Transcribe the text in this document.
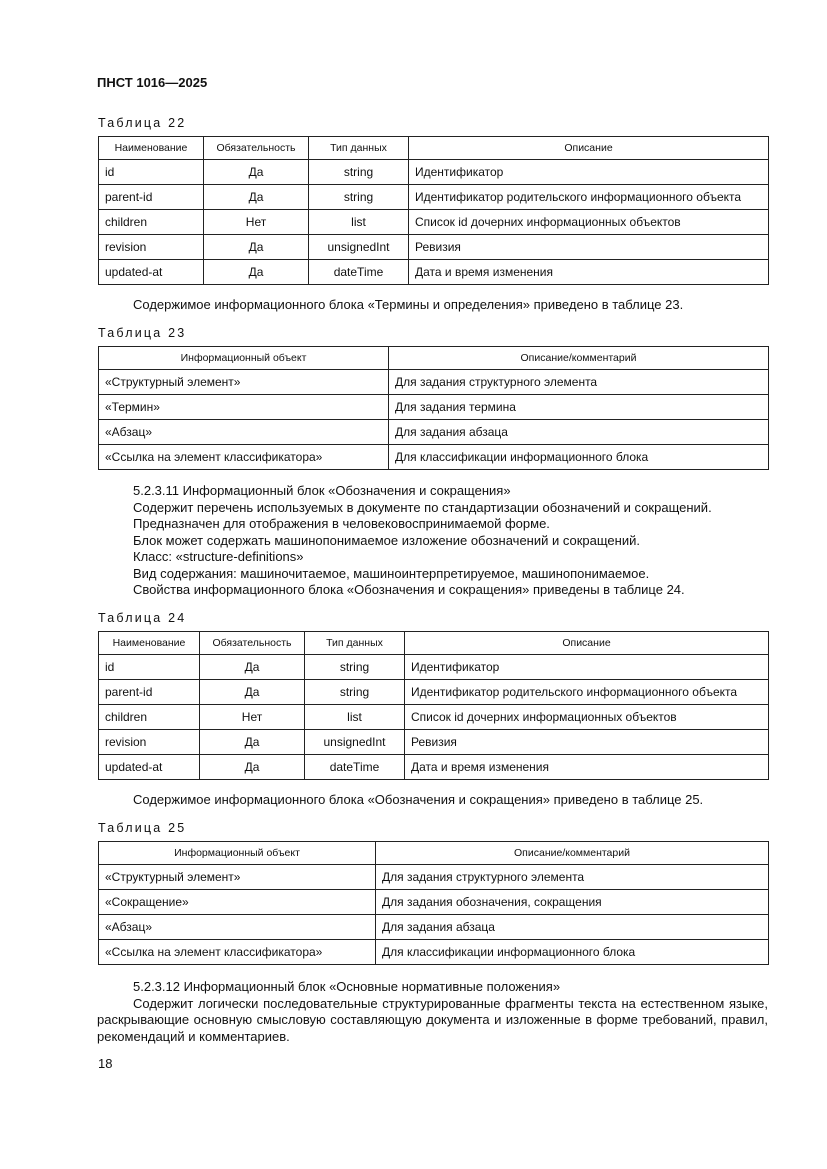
ПНСТ 1016—2025
Таблица 22
Наименование	Обязательность	Тип данных	Описание
id	Да	string	Идентификатор
parent-id	Да	string	Идентификатор родительского информационного объекта
children	Нет	list	Список id дочерних информационных объектов
revision	Да	unsignedInt	Ревизия
updated-at	Да	dateTime	Дата и время изменения

Содержимое информационного блока «Термины и определения» приведено в таблице 23.

Таблица 23
Информационный объект	Описание/комментарий
«Структурный элемент»	Для задания структурного элемента
«Термин»	Для задания термина
«Абзац»	Для задания абзаца
«Ссылка на элемент классификатора»	Для классификации информационного блока

5.2.3.11 Информационный блок «Обозначения и сокращения»

Содержит перечень используемых в документе по стандартизации обозначений и сокращений.

Предназначен для отображения в человековоспринимаемой форме.

Блок может содержать машинопонимаемое изложение обозначений и сокращений.

Класс: «structure-definitions»

Вид содержания: машиночитаемое, машиноинтерпретируемое, машинопонимаемое.

Свойства информационного блока «Обозначения и сокращения» приведены в таблице 24.

Таблица 24
Наименование	Обязательность	Тип данных	Описание
id	Да	string	Идентификатор
parent-id	Да	string	Идентификатор родительского информационного объекта
children	Нет	list	Список id дочерних информационных объектов
revision	Да	unsignedInt	Ревизия
updated-at	Да	dateTime	Дата и время изменения

Содержимое информационного блока «Обозначения и сокращения» приведено в таблице 25.

Таблица 25
Информационный объект	Описание/комментарий
«Структурный элемент»	Для задания структурного элемента
«Сокращение»	Для задания обозначения, сокращения
«Абзац»	Для задания абзаца
«Ссылка на элемент классификатора»	Для классификации информационного блока

5.2.3.12 Информационный блок «Основные нормативные положения»

Содержит логически последовательные структурированные фрагменты текста на естественном языке, раскрывающие основную смысловую составляющую документа и изложенные в форме требований, правил, рекомендаций и комментариев.

18
